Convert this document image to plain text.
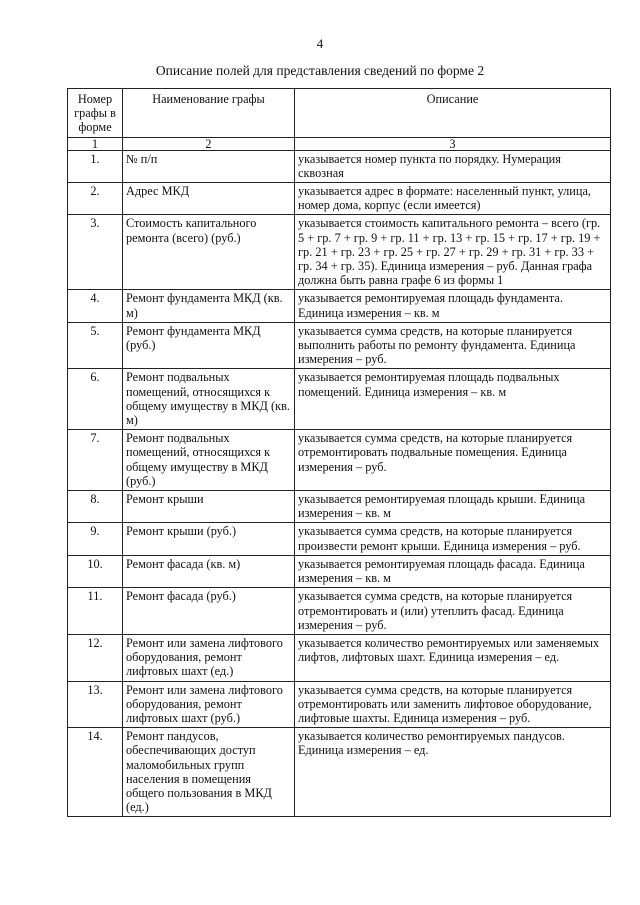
4
Описание полей для представления сведений по форме 2
Номер графы в форме	Наименование графы	Описание
1	2	3
1.	№ п/п	указывается номер пункта по порядку. Нумерация сквозная
2.	Адрес МКД	указывается адрес в формате: населенный пункт, улица, номер дома, корпус (если имеется)
3.	Стоимость капитального ремонта (всего) (руб.)	указывается стоимость капитального ремонта – всего (гр. 5 + гр. 7 + гр. 9 + гр. 11 + гр. 13 + гр. 15 + гр. 17 + гр. 19 + гр. 21 + гр. 23 + гр. 25 + гр. 27 + гр. 29 + гр. 31 + гр. 33 + гр. 34 + гр. 35). Единица измерения – руб. Данная графа должна быть равна графе 6 из формы 1
4.	Ремонт фундамента МКД (кв. м)	указывается ремонтируемая площадь фундамента. Единица измерения – кв. м
5.	Ремонт фундамента МКД (руб.)	указывается сумма средств, на которые планируется выполнить работы по ремонту фундамента. Единица измерения – руб.
6.	Ремонт подвальных помещений, относящихся к общему имуществу в МКД (кв. м)	указывается ремонтируемая площадь подвальных помещений. Единица измерения – кв. м
7.	Ремонт подвальных помещений, относящихся к общему имуществу в МКД (руб.)	указывается сумма средств, на которые планируется отремонтировать подвальные помещения. Единица измерения – руб.
8.	Ремонт крыши	указывается ремонтируемая площадь крыши. Единица измерения – кв. м
9.	Ремонт крыши (руб.)	указывается сумма средств, на которые планируется произвести ремонт крыши. Единица измерения – руб.
10.	Ремонт фасада (кв. м)	указывается ремонтируемая площадь фасада. Единица измерения – кв. м
11.	Ремонт фасада (руб.)	указывается сумма средств, на которые планируется отремонтировать и (или) утеплить фасад. Единица измерения – руб.
12.	Ремонт или замена лифтового оборудования, ремонт лифтовых шахт (ед.)	указывается количество ремонтируемых или заменяемых лифтов, лифтовых шахт. Единица измерения – ед.
13.	Ремонт или замена лифтового оборудования, ремонт лифтовых шахт (руб.)	указывается сумма средств, на которые планируется отремонтировать или заменить лифтовое оборудование, лифтовые шахты. Единица измерения – руб.
14.	Ремонт пандусов, обеспечивающих доступ маломобильных групп населения в помещения общего пользования в МКД (ед.)	указывается количество ремонтируемых пандусов. Единица измерения – ед.
